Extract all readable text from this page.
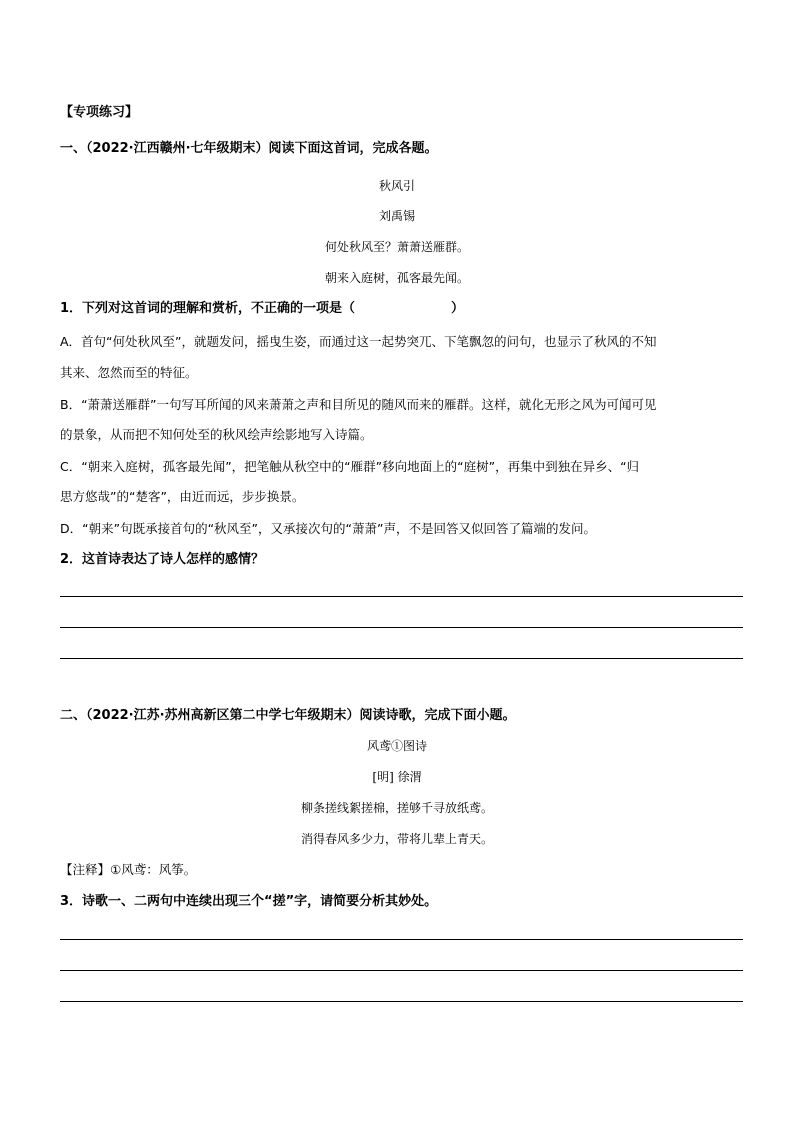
【专项练习】
一、（2022·江西赣州·七年级期末）阅读下面这首词，完成各题。
秋风引
刘禹锡
何处秋风至？萧萧送雁群。
朝来入庭树，孤客最先闻。
1．下列对这首词的理解和赏析，不正确的一项是（	）
A．首句“何处秋风至”，就题发问，摇曳生姿，而通过这一起势突兀、下笔飘忽的问句，也显示了秋风的不知
其来、忽然而至的特征。
B．“萧萧送雁群”一句写耳所闻的风来萧萧之声和目所见的随风而来的雁群。这样，就化无形之风为可闻可见
的景象，从而把不知何处至的秋风绘声绘影地写入诗篇。
C．“朝来入庭树，孤客最先闻”，把笔触从秋空中的“雁群”移向地面上的“庭树”，再集中到独在异乡、“归
思方悠哉”的“楚客”，由近而远，步步换景。
D．“朝来”句既承接首句的“秋风至”，又承接次句的“萧萧”声，不是回答又似回答了篇端的发问。
2．这首诗表达了诗人怎样的感情？
二、（2022·江苏·苏州高新区第二中学七年级期末）阅读诗歌，完成下面小题。
风鸢①图诗
[明] 徐渭
柳条搓线絮搓棉，搓够千寻放纸鸢。
消得春风多少力，带将儿辈上青天。
【注释】①风鸢：风筝。
3．诗歌一、二两句中连续出现三个“搓”字，请简要分析其妙处。
